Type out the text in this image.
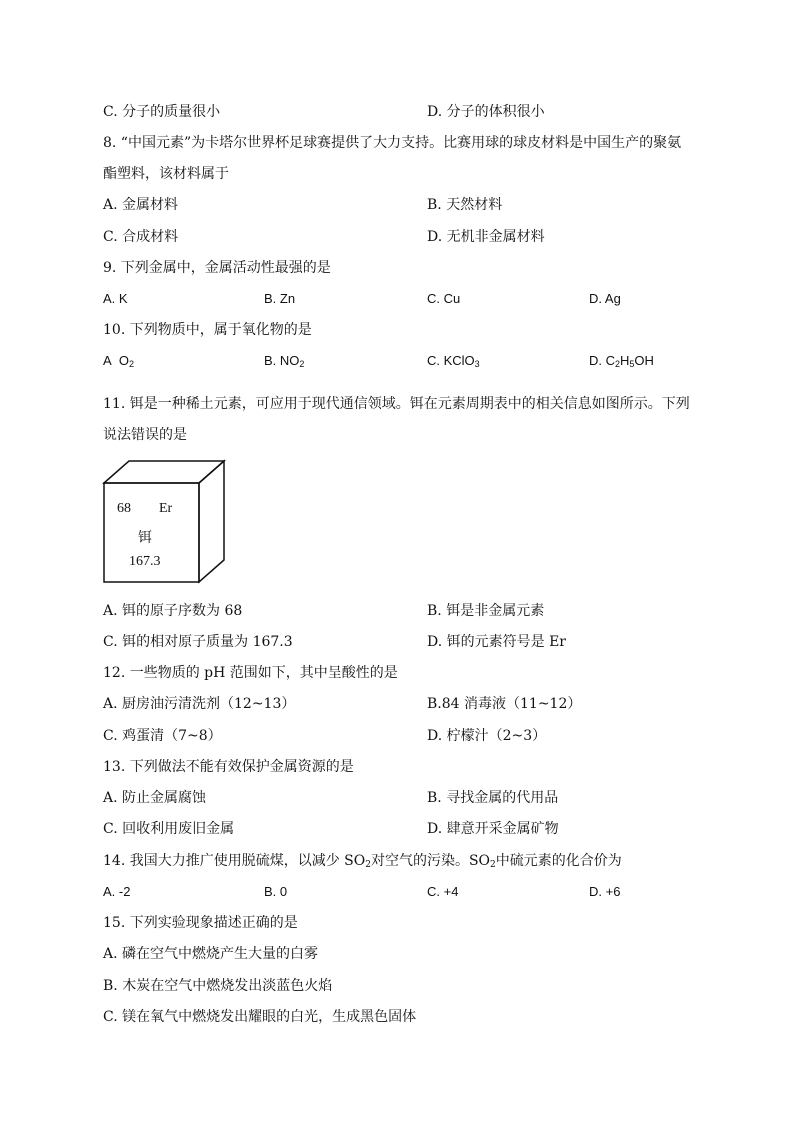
C. 分子的质量很小	D. 分子的体积很小
8. “中国元素”为卡塔尔世界杯足球赛提供了大力支持。比赛用球的球皮材料是中国生产的聚氨
酯塑料，该材料属于
A. 金属材料	B. 天然材料
C. 合成材料	D. 无机非金属材料
9. 下列金属中，金属活动性最强的是
A. K	B. Zn	C. Cu	D. Ag
10. 下列物质中，属于氧化物的是
A $O_2$	B. $NO_2$	C. KClO$_3$	D. $C_2H_5OH$
11. 铒是一种稀土元素，可应用于现代通信领域。铒在元素周期表中的相关信息如图所示。下列
说法错误的是
68 Er
铒
167.3
A. 铒的原子序数为 68	B. 铒是非金属元素
C. 铒的相对原子质量为 167.3	D. 铒的元素符号是 Er
12. 一些物质的 pH 范围如下，其中呈酸性的是
A. 厨房油污清洗剂（12~13）	B.84 消毒液（11~12）
C. 鸡蛋清（7~8）	D. 柠檬汁（2~3）
13. 下列做法不能有效保护金属资源的是
A. 防止金属腐蚀	B. 寻找金属的代用品
C. 回收利用废旧金属	D. 肆意开采金属矿物
14. 我国大力推广使用脱硫煤，以减少 $SO_2$对空气的污染。$SO_2$中硫元素的化合价为
A. -2	B. 0	C. +4	D. +6
15. 下列实验现象描述正确的是
A. 磷在空气中燃烧产生大量的白雾
B. 木炭在空气中燃烧发出淡蓝色火焰
C. 镁在氧气中燃烧发出耀眼的白光，生成黑色固体
